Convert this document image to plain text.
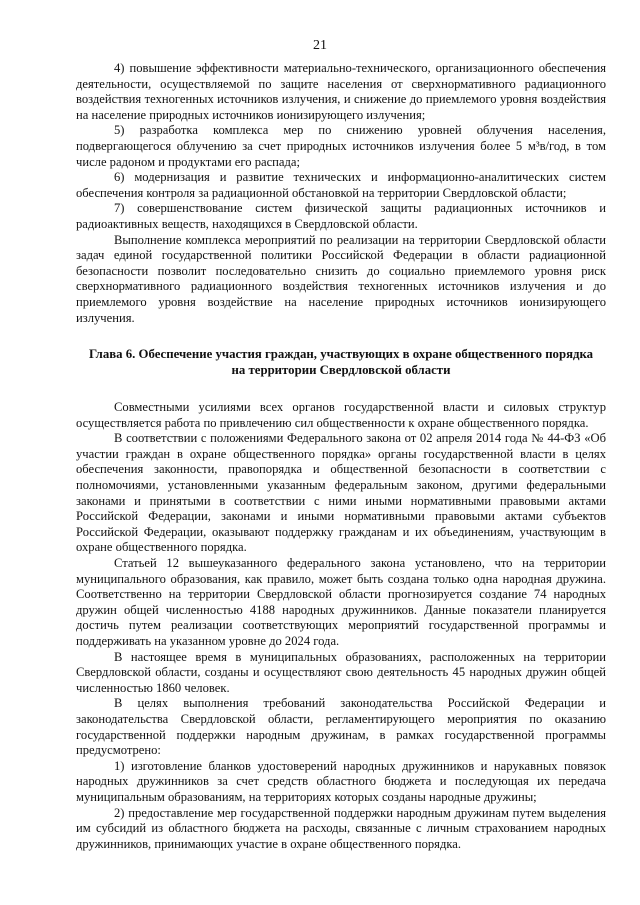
21

4) повышение эффективности материально-технического, организационного обеспечения деятельности, осуществляемой по защите населения от сверхнормативного радиационного воздействия техногенных источников излучения, и снижение до приемлемого уровня воздействия на население природных источников ионизирующего излучения;

5) разработка комплекса мер по снижению уровней облучения населения, подвергающегося облучению за счет природных источников излучения более 5 м³в/год, в том числе радоном и продуктами его распада;

6) модернизация и развитие технических и информационно-аналитических систем обеспечения контроля за радиационной обстановкой на территории Свердловской области;

7) совершенствование систем физической защиты радиационных источников и радиоактивных веществ, находящихся в Свердловской области.

Выполнение комплекса мероприятий по реализации на территории Свердловской области задач единой государственной политики Российской Федерации в области радиационной безопасности позволит последовательно снизить до социально приемлемого уровня риск сверхнормативного радиационного воздействия техногенных источников излучения и до приемлемого уровня воздействие на население природных источников ионизирующего излучения.

Глава 6. Обеспечение участия граждан, участвующих в охране общественного порядка
на территории Свердловской области

Совместными усилиями всех органов государственной власти и силовых структур осуществляется работа по привлечению сил общественности к охране общественного порядка.

В соответствии с положениями Федерального закона от 02 апреля 2014 года № 44-ФЗ «Об участии граждан в охране общественного порядка» органы государственной власти в целях обеспечения законности, правопорядка и общественной безопасности в соответствии с полномочиями, установленными указанным федеральным законом, другими федеральными законами и принятыми в соответствии с ними иными нормативными правовыми актами Российской Федерации, законами и иными нормативными правовыми актами субъектов Российской Федерации, оказывают поддержку гражданам и их объединениям, участвующим в охране общественного порядка.

Статьей 12 вышеуказанного федерального закона установлено, что на территории муниципального образования, как правило, может быть создана только одна народная дружина. Соответственно на территории Свердловской области прогнозируется создание 74 народных дружин общей численностью 4188 народных дружинников. Данные показатели планируется достичь путем реализации соответствующих мероприятий государственной программы и поддерживать на указанном уровне до 2024 года.

В настоящее время в муниципальных образованиях, расположенных на территории Свердловской области, созданы и осуществляют свою деятельность 45 народных дружин общей численностью 1860 человек.

В целях выполнения требований законодательства Российской Федерации и законодательства Свердловской области, регламентирующего мероприятия по оказанию государственной поддержки народным дружинам, в рамках государственной программы предусмотрено:

1) изготовление бланков удостоверений народных дружинников и нарукавных повязок народных дружинников за счет средств областного бюджета и последующая их передача муниципальным образованиям, на территориях которых созданы народные дружины;

2) предоставление мер государственной поддержки народным дружинам путем выделения им субсидий из областного бюджета на расходы, связанные с личным страхованием народных дружинников, принимающих участие в охране общественного порядка.
